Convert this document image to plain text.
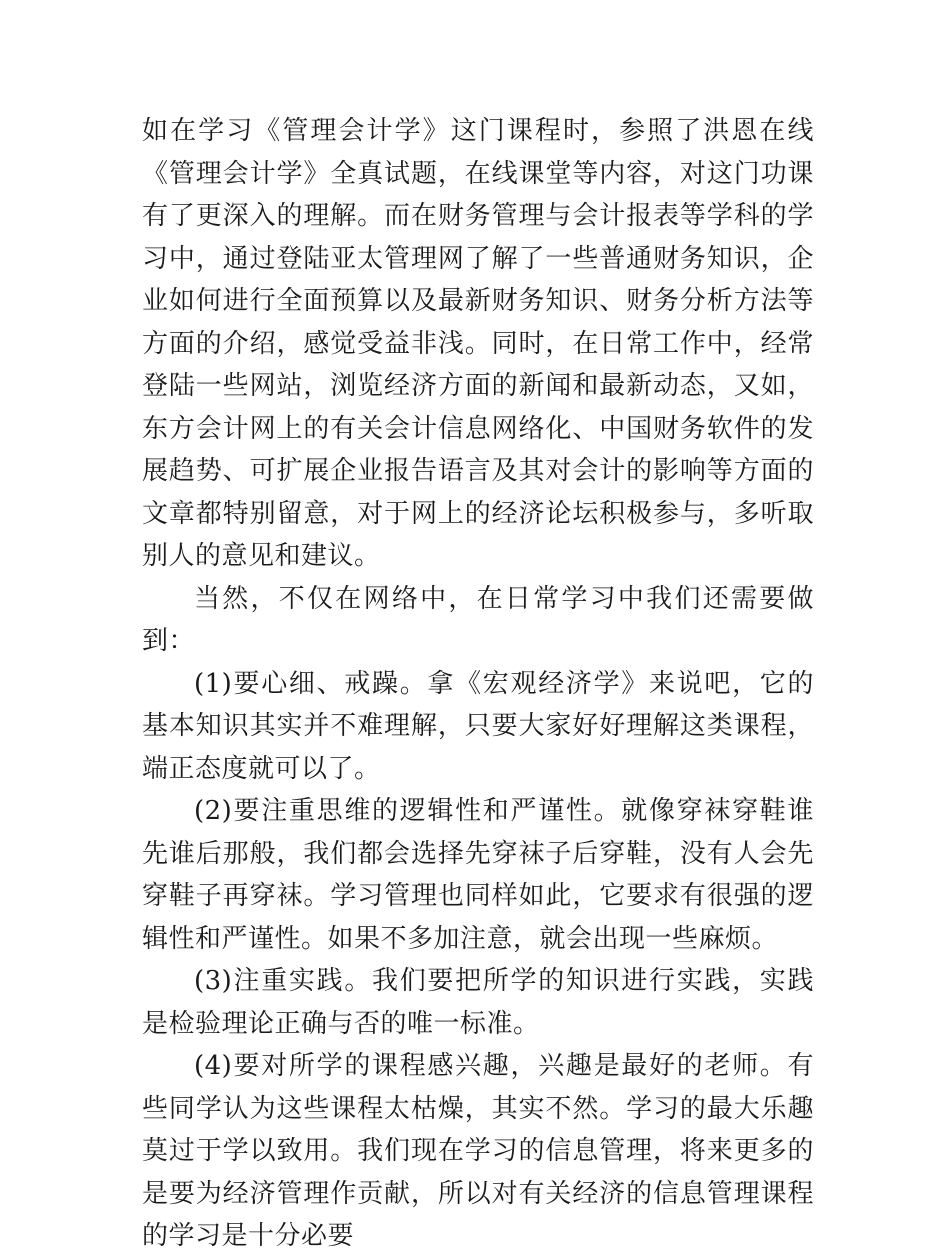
如在学习《管理会计学》这门课程时，参照了洪恩在线《管理会计学》全真试题，在线课堂等内容，对这门功课有了更深入的理解。而在财务管理与会计报表等学科的学习中，通过登陆亚太管理网了解了一些普通财务知识，企业如何进行全面预算以及最新财务知识、财务分析方法等方面的介绍，感觉受益非浅。同时，在日常工作中，经常登陆一些网站，浏览经济方面的新闻和最新动态，又如，东方会计网上的有关会计信息网络化、中国财务软件的发展趋势、可扩展企业报告语言及其对会计的影响等方面的文章都特别留意，对于网上的经济论坛积极参与，多听取别人的意见和建议。

当然，不仅在网络中，在日常学习中我们还需要做到：

(1)要心细、戒躁。拿《宏观经济学》来说吧，它的基本知识其实并不难理解，只要大家好好理解这类课程，端正态度就可以了。

(2)要注重思维的逻辑性和严谨性。就像穿袜穿鞋谁先谁后那般，我们都会选择先穿袜子后穿鞋，没有人会先穿鞋子再穿袜。学习管理也同样如此，它要求有很强的逻辑性和严谨性。如果不多加注意，就会出现一些麻烦。

(3)注重实践。我们要把所学的知识进行实践，实践是检验理论正确与否的唯一标准。

(4)要对所学的课程感兴趣，兴趣是最好的老师。有些同学认为这些课程太枯燥，其实不然。学习的最大乐趣莫过于学以致用。我们现在学习的信息管理，将来更多的是要为经济管理作贡献，所以对有关经济的信息管理课程的学习是十分必要
